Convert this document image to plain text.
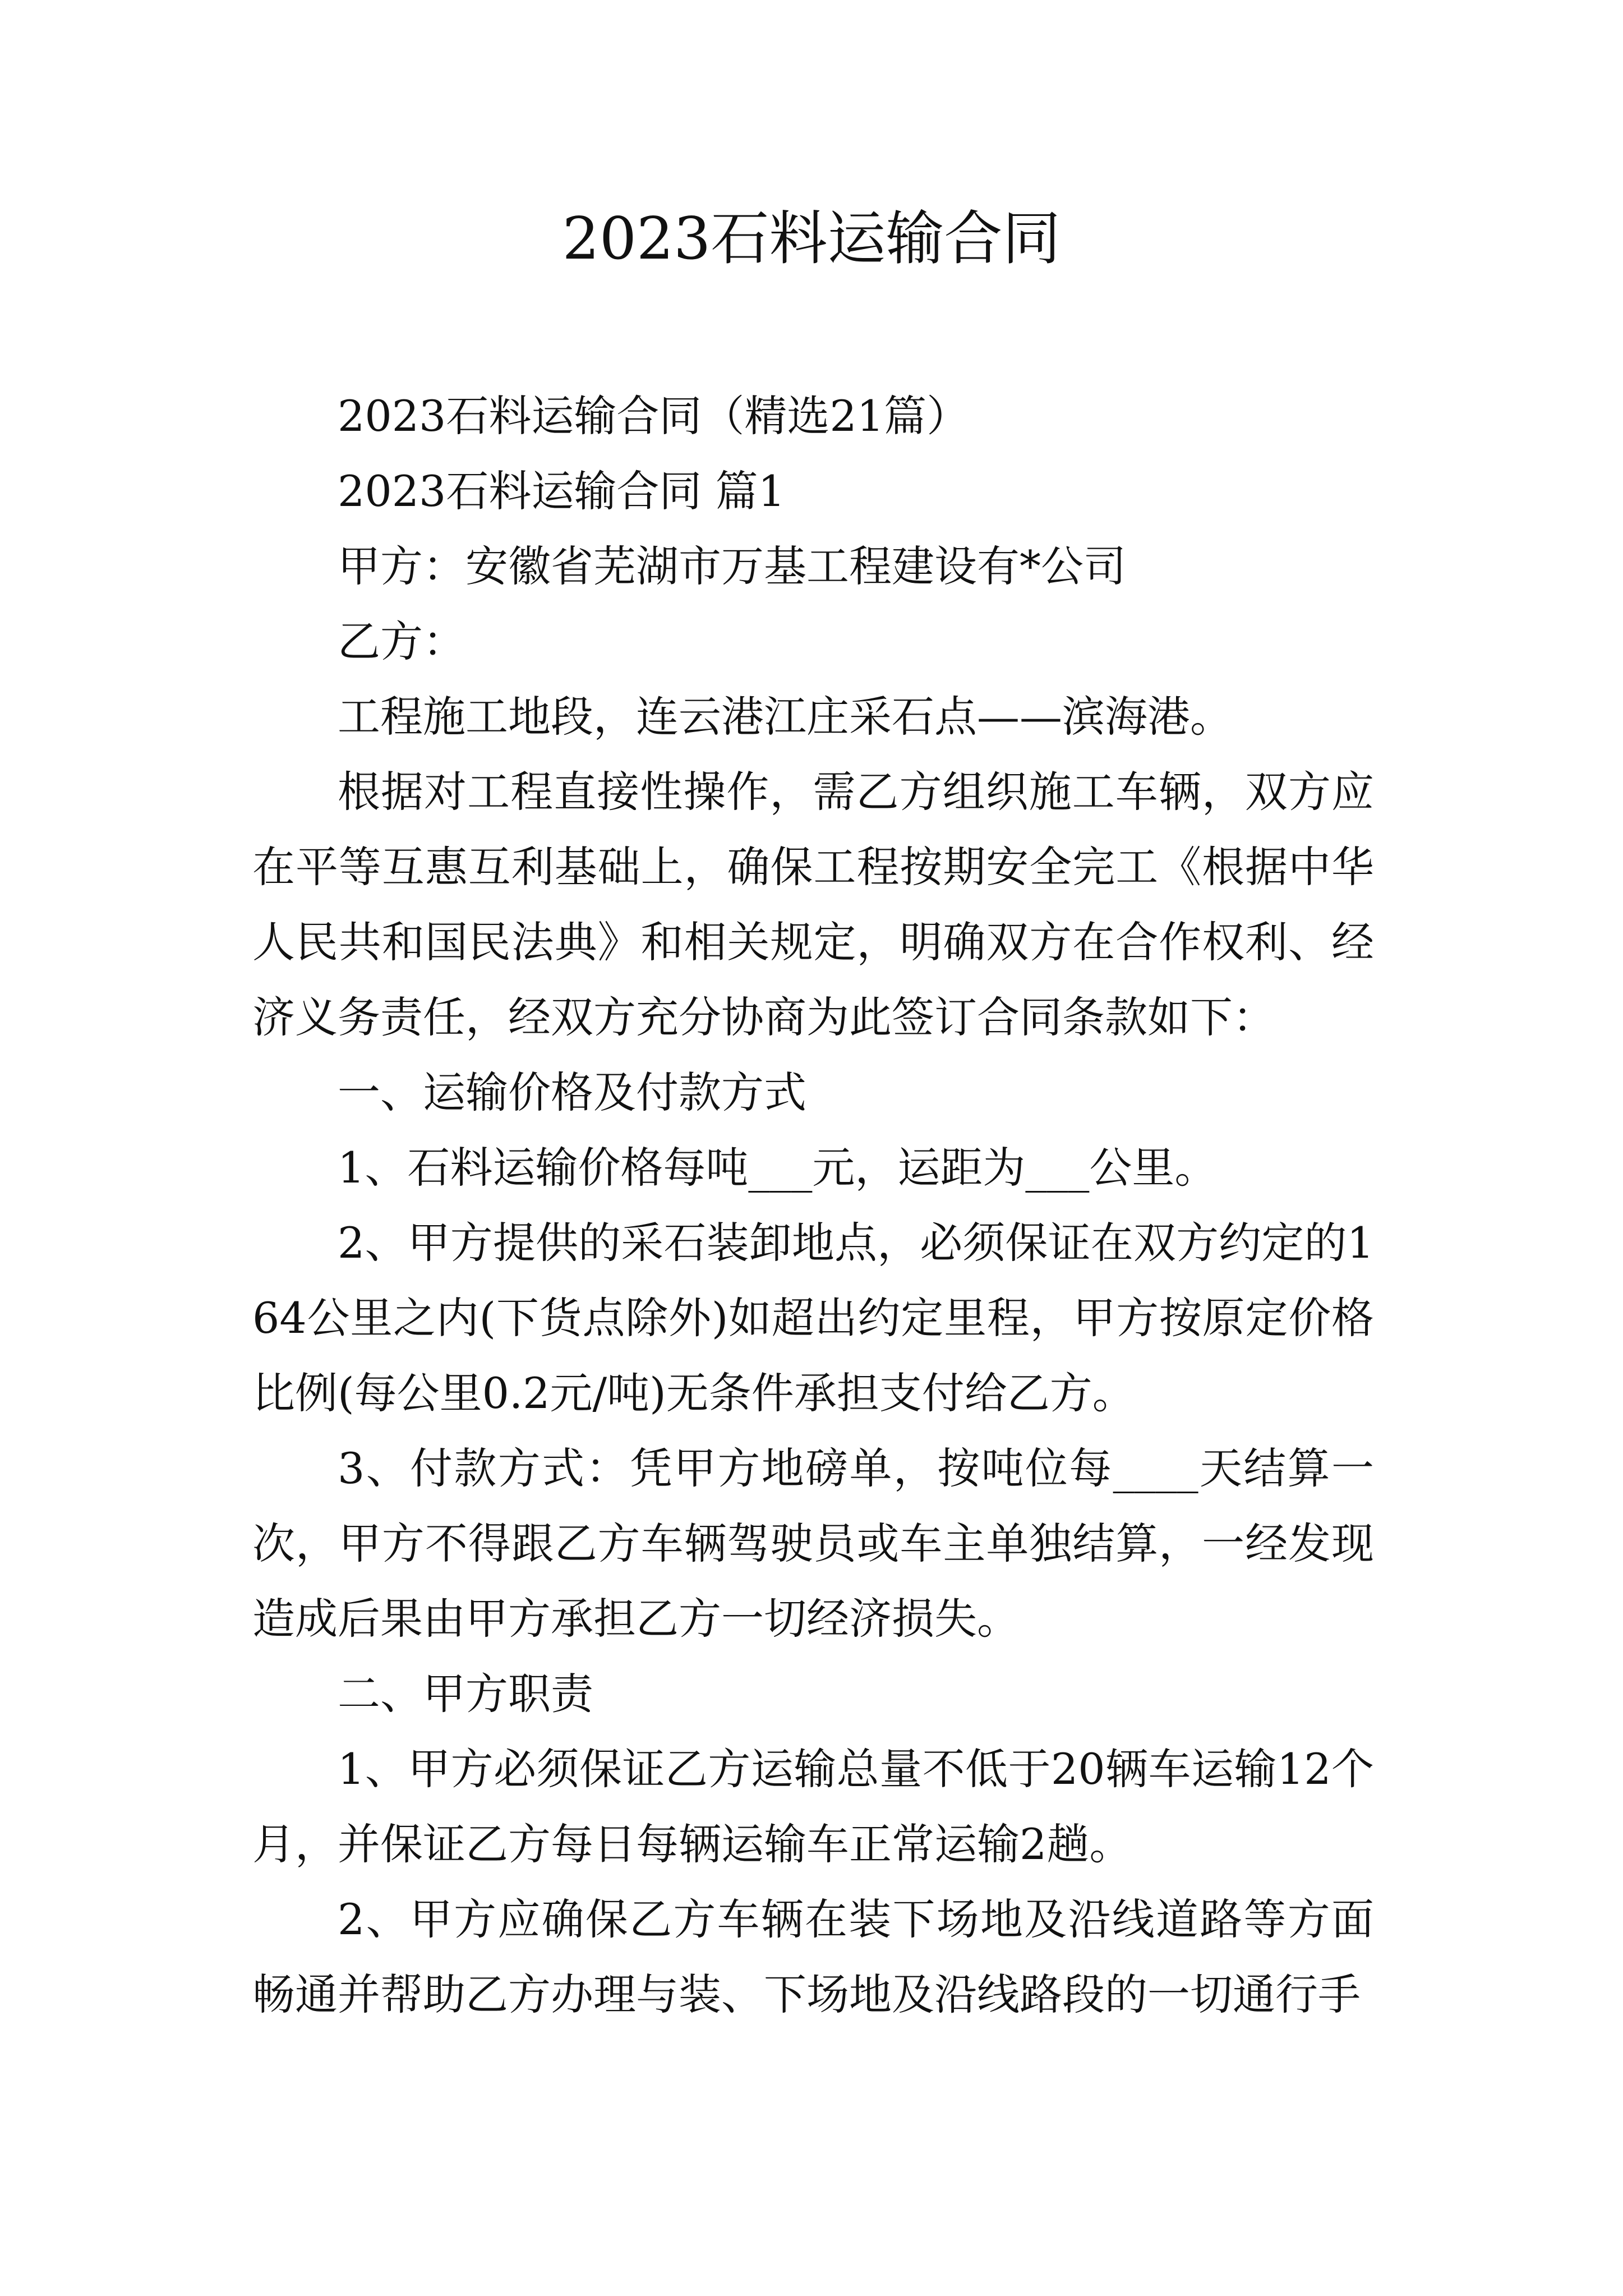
2023石料运输合同

2023石料运输合同（精选21篇）

2023石料运输合同 篇1

甲方：安徽省芜湖市万基工程建设有*公司

乙方：

工程施工地段，连云港江庄采石点——滨海港。

根据对工程直接性操作，需乙方组织施工车辆，双方应在平等互惠互利基础上，确保工程按期安全完工《根据中华人民共和国民法典》和相关规定，明确双方在合作权利、经济义务责任，经双方充分协商为此签订合同条款如下：

一、运输价格及付款方式

1、石料运输价格每吨___元，运距为___公里。

2、甲方提供的采石装卸地点，必须保证在双方约定的164公里之内(下货点除外)如超出约定里程，甲方按原定价格比例(每公里0.2元/吨)无条件承担支付给乙方。

3、付款方式：凭甲方地磅单，按吨位每____天结算一次，甲方不得跟乙方车辆驾驶员或车主单独结算，一经发现造成后果由甲方承担乙方一切经济损失。

二、甲方职责

1、甲方必须保证乙方运输总量不低于20辆车运输12个月，并保证乙方每日每辆运输车正常运输2趟。

2、甲方应确保乙方车辆在装下场地及沿线道路等方面畅通并帮助乙方办理与装、下场地及沿线路段的一切通行手
